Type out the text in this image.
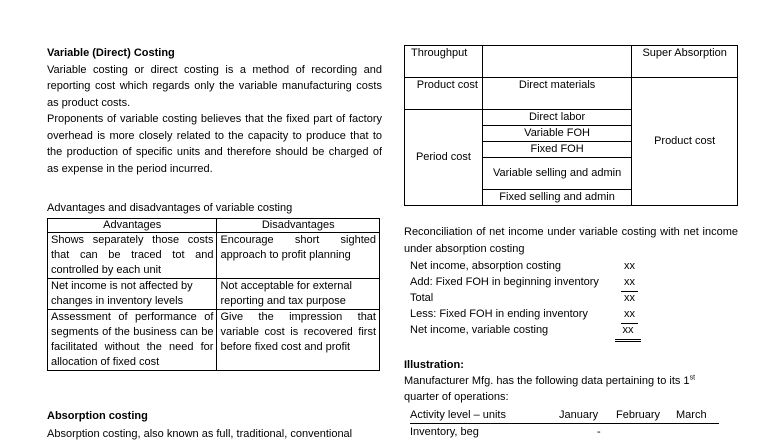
Variable (Direct) Costing

Variable costing or direct costing is a method of recording and reporting cost which regards only the variable manufacturing costs as product costs.

Proponents of variable costing believes that the fixed part of factory overhead is more closely related to the capacity to produce that to the production of specific units and therefore should be charged of as expense in the period incurred.

Advantages and disadvantages of variable costing
Advantages	Disadvantages
Shows separately those costs that can be traced tot and controlled by each unit	Encourage short sighted approach to profit planning
Net income is not affected by changes in inventory levels	Not acceptable for external reporting and tax purpose
Assessment of performance of segments of the business can be facilitated without the need for allocation of fixed cost	Give the impression that variable cost is recovered first before fixed cost and profit
Absorption costing
Absorption costing, also known as full, traditional, conventional
Throughput		Super Absorption
Product cost	Direct materials	Product cost
Period cost	Direct labor	
	Variable FOH	
	Fixed FOH	
	Variable selling and admin	
	Fixed selling and admin	
Reconciliation of net income under variable costing with net income under absorption costing
Net income, absorption costing	xx
Add: Fixed FOH in beginning inventory xx
Total	xx
Less: Fixed FOH in ending inventory	xx
Net income, variable costing	xx
Illustration:
Manufacturer Mfg. has the following data pertaining to its 1st
quarter of operations:
Activity level – units	January February March
Inventory, beg	-
